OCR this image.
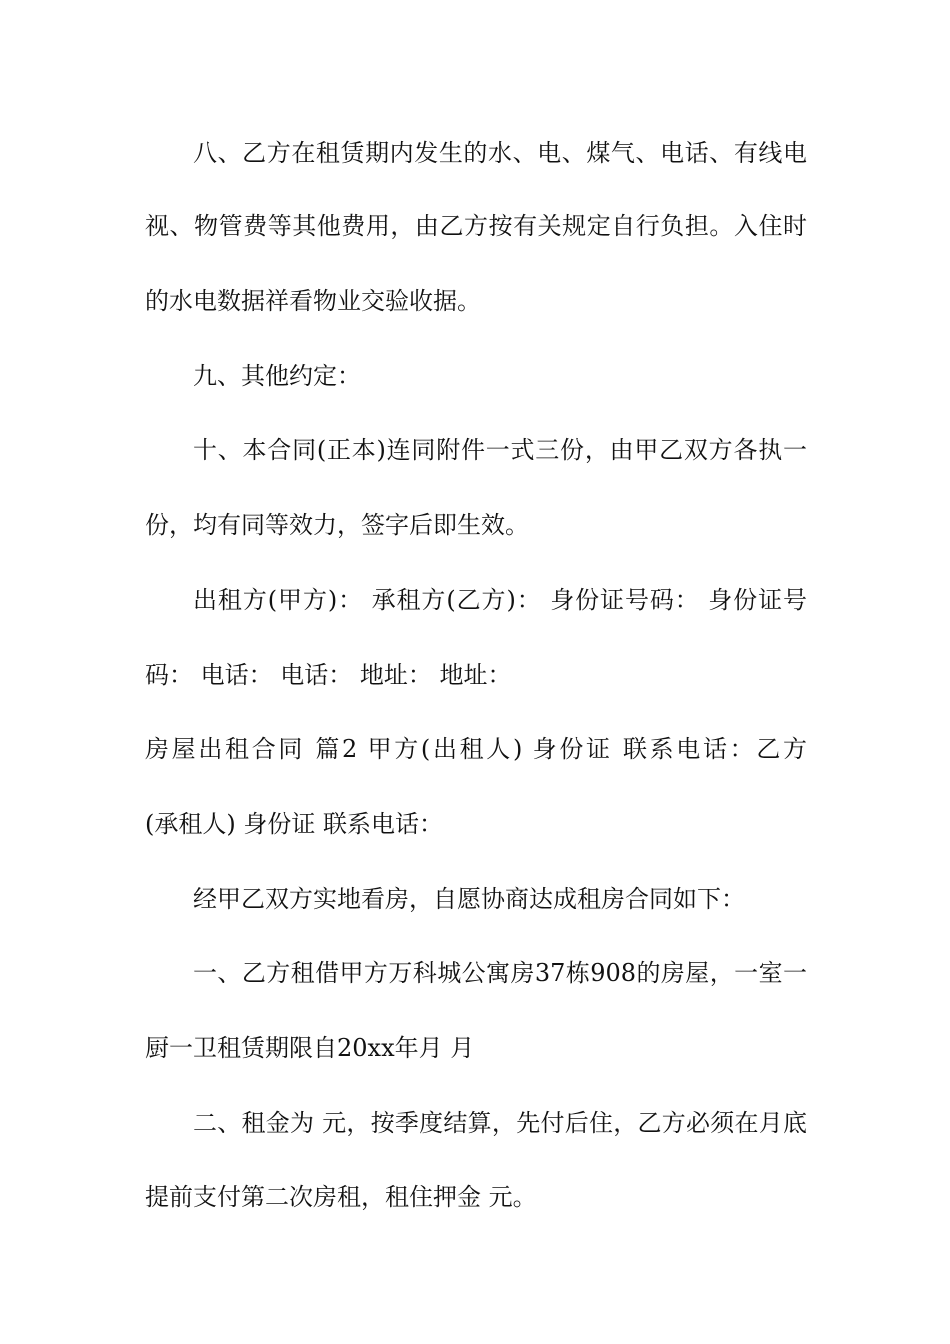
八、乙方在租赁期内发生的水、电、煤气、电话、有线电
视、物管费等其他费用，由乙方按有关规定自行负担。入住时
的水电数据祥看物业交验收据。
九、其他约定：
十、本合同(正本)连同附件一式三份，由甲乙双方各执一
份，均有同等效力，签字后即生效。
出租方(甲方)： 承租方(乙方)： 身份证号码： 身份证号
码： 电话： 电话： 地址： 地址：
房屋出租合同 篇2 甲方(出租人) 身份证 联系电话：乙方
(承租人) 身份证 联系电话：
经甲乙双方实地看房，自愿协商达成租房合同如下：
一、乙方租借甲方万科城公寓房37栋908的房屋，一室一
厨一卫租赁期限自20xx年月 月
二、租金为 元，按季度结算，先付后住，乙方必须在月底
提前支付第二次房租，租住押金 元。
